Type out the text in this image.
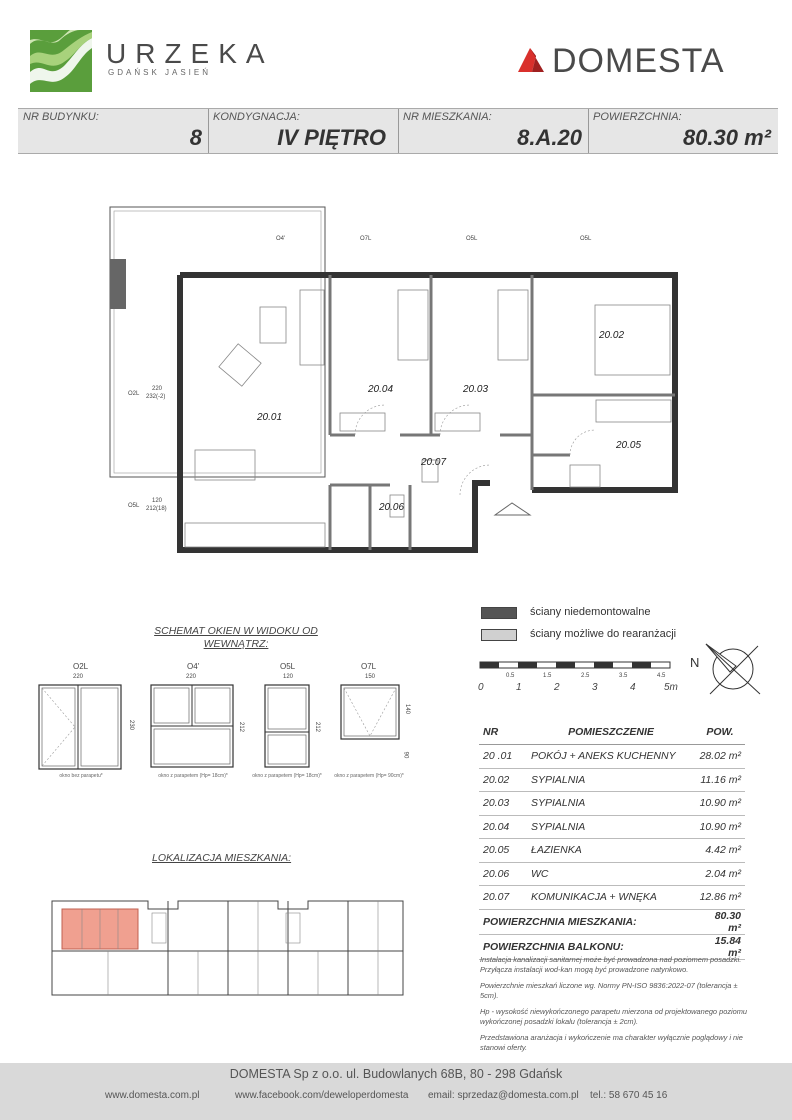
URZEKA
GDAŃSK JASIEŃ	DOMESTA
NR BUDYNKU:
8
KONDYGNACJA:
IV PIĘTRO
NR MIESZKANIA:
8.A.20
POWIERZCHNIA:
80.30 m²
20.01
20.02
20.03
20.04
20.05
20.06
20.07
O4'	O7L	O5L	O5L
O2L
O5L
220
232(-2)
120
212(18)
ściany niedemontowalne
ściany możliwe do rearanżacji
0.5	1.5	2.5	3.5	4.5
0	1	2	3	4	5m
N
NR	POMIESZCZENIE	POW.
20 .01	POKÓJ + ANEKS KUCHENNY	28.02 m²
20.02	SYPIALNIA	11.16 m²
20.03	SYPIALNIA	10.90 m²
20.04	SYPIALNIA	10.90 m²
20.05	ŁAZIENKA	4.42 m²
20.06	WC	2.04 m²
20.07	KOMUNIKACJA + WNĘKA	12.86 m²
POWIERZCHNIA MIESZKANIA:		80.30 m²
POWIERZCHNIA BALKONU:		15.84 m²

Instalacja kanalizacji sanitarnej może być prowadzona nad poziomem posadzki. Przyłącza instalacji wod-kan mogą być prowadzone natynkowo.

Powierzchnie mieszkań liczone wg. Normy PN-ISO 9836:2022-07 (tolerancja ± 5cm).

Hp - wysokość niewykończonego parapetu mierzona od projektowanego poziomu wykończonej posadzki lokalu (tolerancja ± 2cm).

Przedstawiona aranżacja i wykończenie ma charakter wyłącznie poglądowy i nie stanowi oferty.

SCHEMAT OKIEN W WIDOKU OD WEWNĄTRZ:
O2L
220
230
okno bez parapetu*
O4'
220
212
okno z parapetem (Hp= 18cm)*
O5L
120
212
okno z parapetem (Hp= 18cm)*
O7L
150
140
90
okno z parapetem (Hp= 90cm)*
LOKALIZACJA MIESZKANIA:
DOMESTA Sp z o.o. ul. Budowlanych 68B, 80 - 298 Gdańsk
www.domesta.com.pl	www.facebook.com/deweloperdomesta email: sprzedaz@domesta.com.pl tel.: 58 670 45 16
